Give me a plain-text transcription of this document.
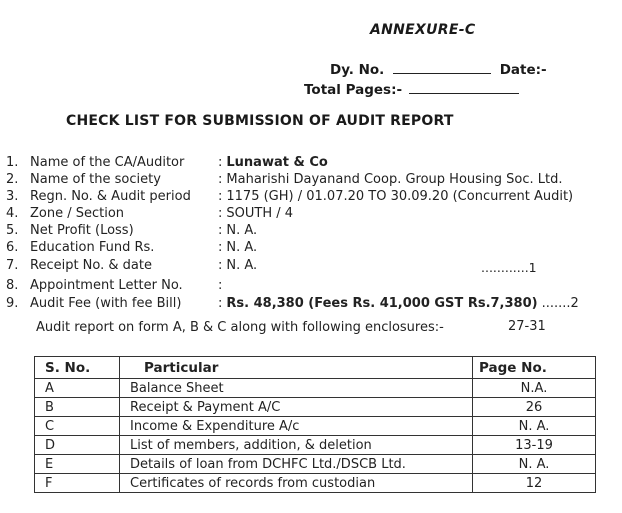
ANNEXURE-C
Dy. No.	Date:-
Total Pages:-
CHECK LIST FOR SUBMISSION OF AUDIT REPORT
1. Name of the CA/Auditor	: Lunawat & Co
2. Name of the society	: Maharishi Dayanand Coop. Group Housing Soc. Ltd.
3. Regn. No. & Audit period : 1175 (GH) / 01.07.20 TO 30.09.20 (Concurrent Audit)
4. Zone / Section	: SOUTH / 4
5. Net Profit (Loss)	: N. A.
6. Education Fund Rs.	: N. A.
7. Receipt No. & date	: N. A.
8. Appointment Letter No.	:
9. Audit Fee (with fee Bill)	: Rs. 48,380 (Fees Rs. 41,000 GST Rs.7,380) .......2
............1
Audit report on form A, B & C along with following enclosures:-	27-31
S. No.	Particular	Page No.
A	Balance Sheet	N.A.
B	Receipt & Payment A/C	26
C	Income & Expenditure A/c	N. A.
D	List of members, addition, & deletion	13-19
E	Details of loan from DCHFC Ltd./DSCB Ltd.	N. A.
F	Certificates of records from custodian	12
